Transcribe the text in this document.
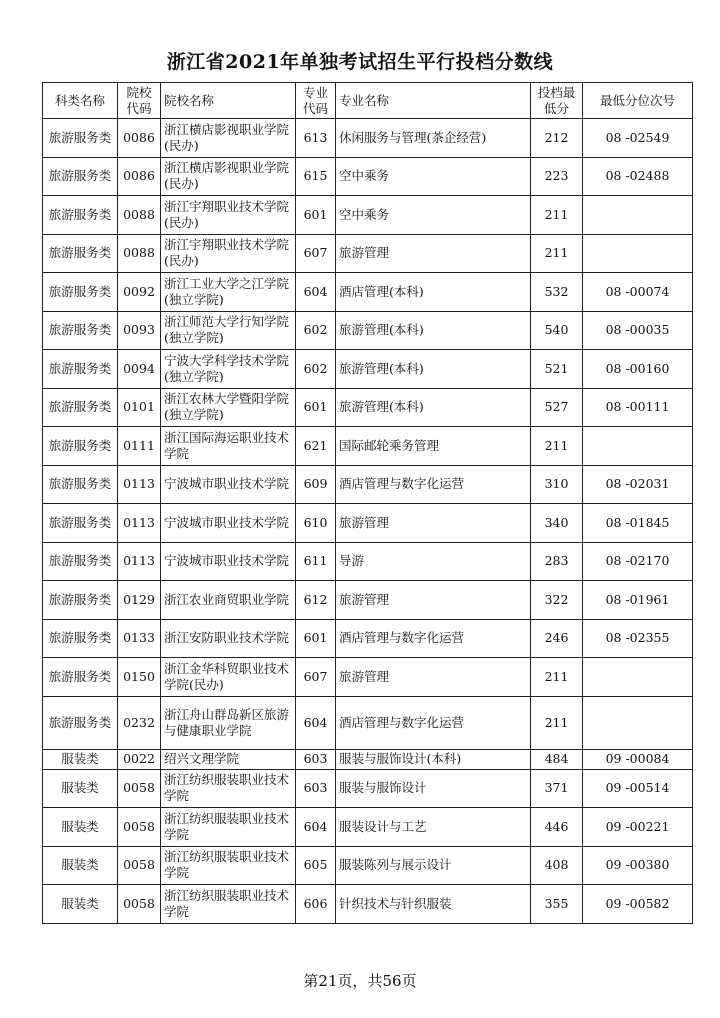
浙江省2021年单独考试招生平行投档分数线
科类名称	院校代码	院校名称	专业代码	专业名称	投档最低分	最低分位次号
旅游服务类	0086	浙江横店影视职业学院(民办)	613	休闲服务与管理(茶企经营)	212	08 -02549
旅游服务类	0086	浙江横店影视职业学院(民办)	615	空中乘务	223	08 -02488
旅游服务类	0088	浙江宇翔职业技术学院(民办)	601	空中乘务	211	
旅游服务类	0088	浙江宇翔职业技术学院(民办)	607	旅游管理	211	
旅游服务类	0092	浙江工业大学之江学院(独立学院)	604	酒店管理(本科)	532	08 -00074
旅游服务类	0093	浙江师范大学行知学院(独立学院)	602	旅游管理(本科)	540	08 -00035
旅游服务类	0094	宁波大学科学技术学院(独立学院)	602	旅游管理(本科)	521	08 -00160
旅游服务类	0101	浙江农林大学暨阳学院(独立学院)	601	旅游管理(本科)	527	08 -00111
旅游服务类	0111	浙江国际海运职业技术学院	621	国际邮轮乘务管理	211	
旅游服务类	0113	宁波城市职业技术学院	609	酒店管理与数字化运营	310	08 -02031
旅游服务类	0113	宁波城市职业技术学院	610	旅游管理	340	08 -01845
旅游服务类	0113	宁波城市职业技术学院	611	导游	283	08 -02170
旅游服务类	0129	浙江农业商贸职业学院	612	旅游管理	322	08 -01961
旅游服务类	0133	浙江安防职业技术学院	601	酒店管理与数字化运营	246	08 -02355
旅游服务类	0150	浙江金华科贸职业技术学院(民办)	607	旅游管理	211	
旅游服务类	0232	浙江舟山群岛新区旅游与健康职业学院	604	酒店管理与数字化运营	211	
服装类	0022	绍兴文理学院	603	服装与服饰设计(本科)	484	09 -00084
服装类	0058	浙江纺织服装职业技术学院	603	服装与服饰设计	371	09 -00514
服装类	0058	浙江纺织服装职业技术学院	604	服装设计与工艺	446	09 -00221
服装类	0058	浙江纺织服装职业技术学院	605	服装陈列与展示设计	408	09 -00380
服装类	0058	浙江纺织服装职业技术学院	606	针织技术与针织服装	355	09 -00582
第21页，共56页
